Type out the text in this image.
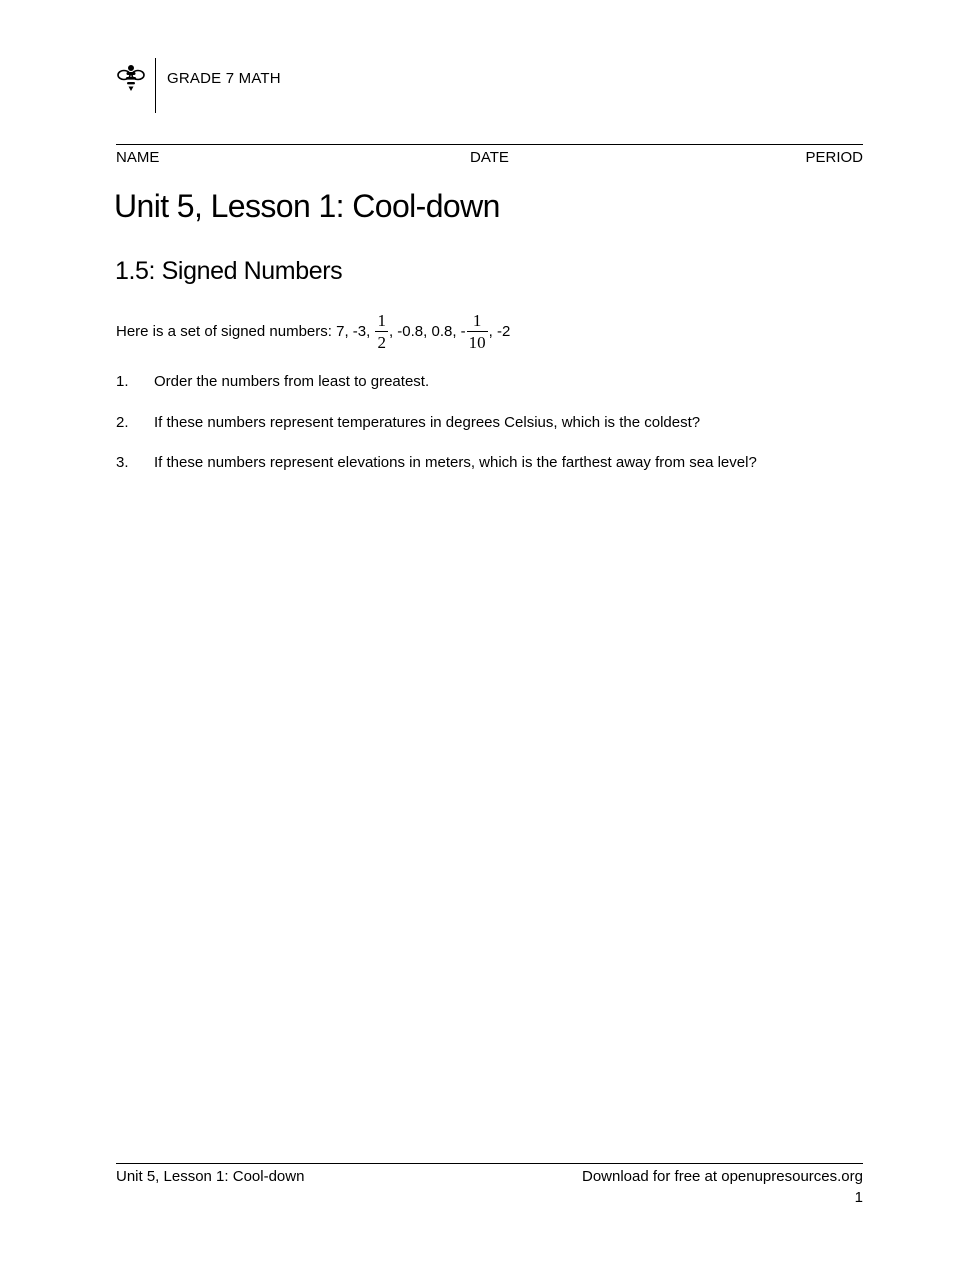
GRADE 7 MATH
NAME	DATE	PERIOD
Unit 5, Lesson 1: Cool-down
1.5: Signed Numbers
Here is a set of signed numbers: 7, -3,
$\frac{1}{2}$ , -0.8, 0.8, - $\frac{1}{10}$ , -2
1. Order the numbers from least to greatest.
2. If these numbers represent temperatures in degrees Celsius, which is the coldest?
3. If these numbers represent elevations in meters, which is the farthest away from sea level?
Unit 5, Lesson 1: Cool-down	Download for free at openupresources.org
1
